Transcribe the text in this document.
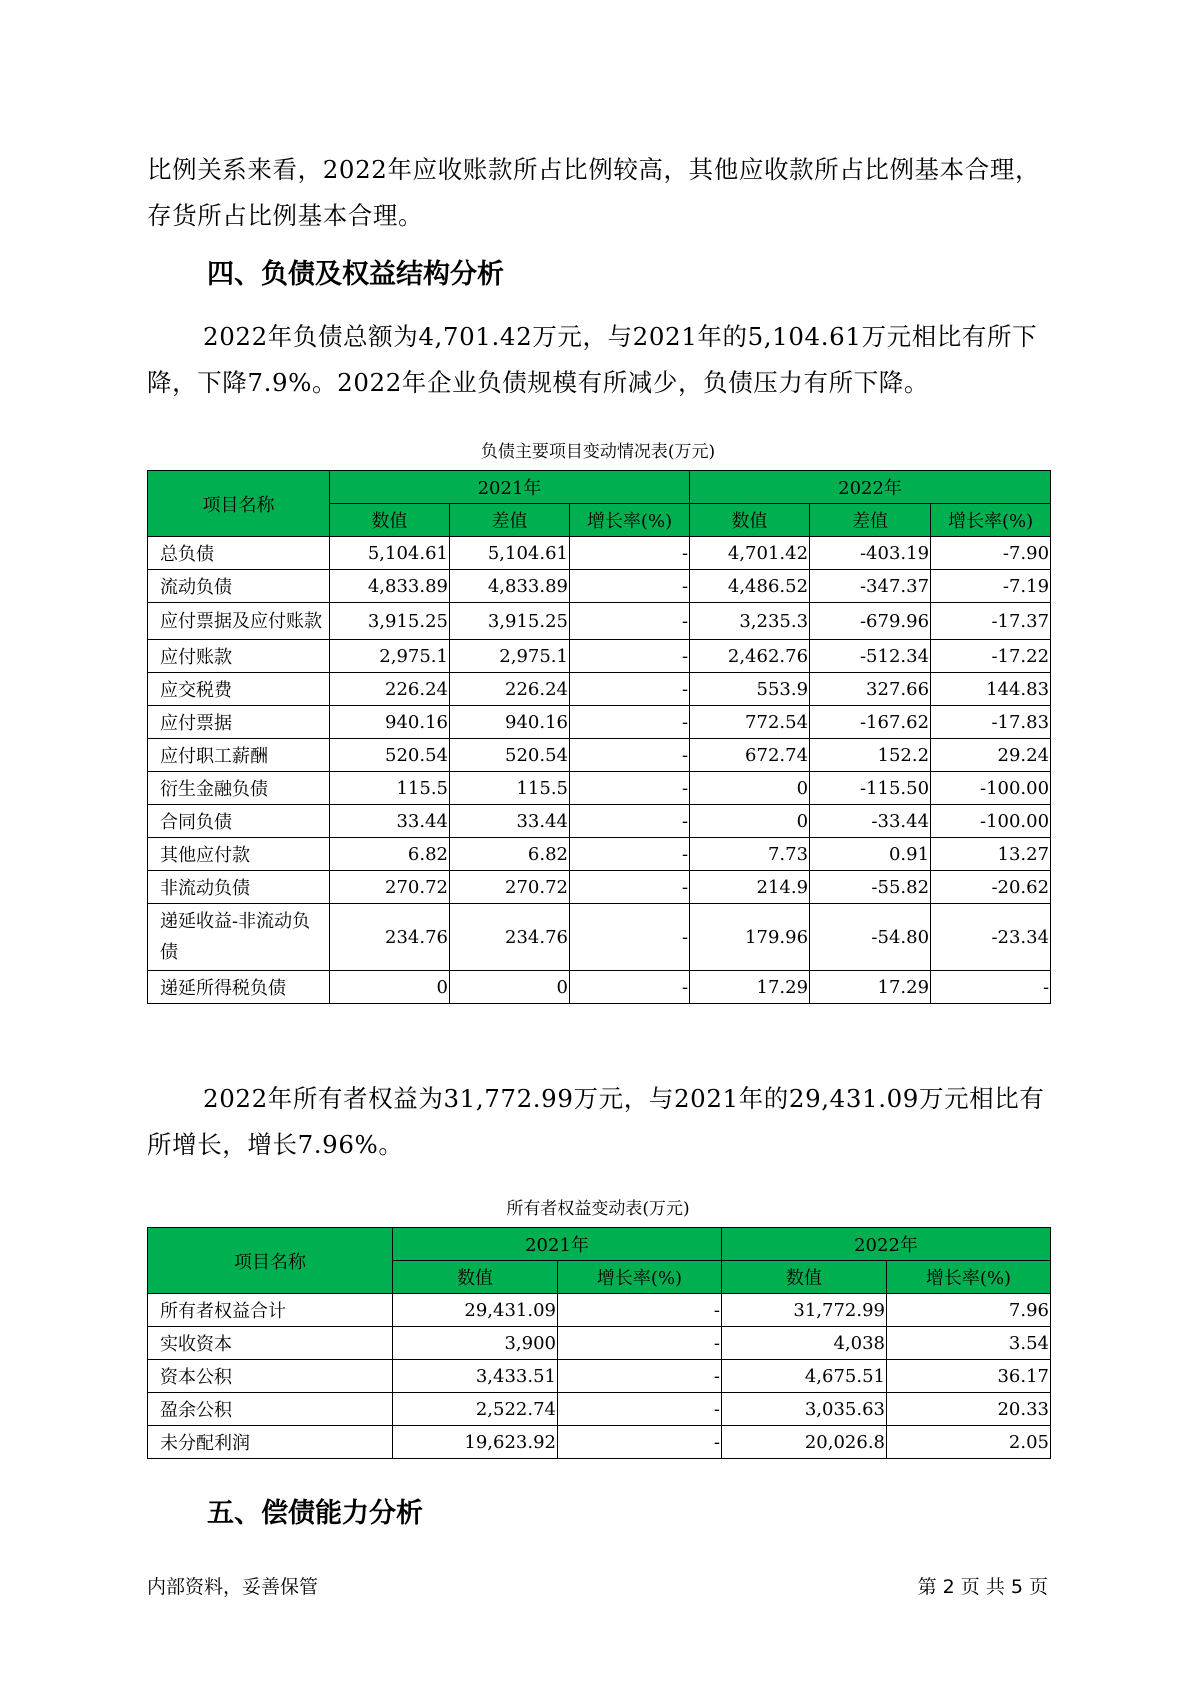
比例关系来看，2022年应收账款所占比例较高，其他应收款所占比例基本合理，存货所占比例基本合理。

四、负债及权益结构分析

2022年负债总额为4,701.42万元，与2021年的5,104.61万元相比有所下降，下降7.9%。2022年企业负债规模有所减少，负债压力有所下降。

负债主要项目变动情况表(万元)
项目名称	2021年			2022年		
	数值	差值	增长率(%)	数值	差值	增长率(%)
总负债	5,104.61	5,104.61	-	4,701.42	-403.19	-7.90
流动负债	4,833.89	4,833.89	-	4,486.52	-347.37	-7.19
应付票据及应付账款	3,915.25	3,915.25	-	3,235.3	-679.96	-17.37
应付账款	2,975.1	2,975.1	-	2,462.76	-512.34	-17.22
应交税费	226.24	226.24	-	553.9	327.66	144.83
应付票据	940.16	940.16	-	772.54	-167.62	-17.83
应付职工薪酬	520.54	520.54	-	672.74	152.2	29.24
衍生金融负债	115.5	115.5	-	0	-115.50	-100.00
合同负债	33.44	33.44	-	0	-33.44	-100.00
其他应付款	6.82	6.82	-	7.73	0.91	13.27
非流动负债	270.72	270.72	-	214.9	-55.82	-20.62
递延收益-非流动负债	234.76	234.76	-	179.96	-54.80	-23.34
递延所得税负债	0	0	-	17.29	17.29	-

2022年所有者权益为31,772.99万元，与2021年的29,431.09万元相比有所增长，增长7.96%。

所有者权益变动表(万元)
项目名称	2021年		2022年	
	数值	增长率(%)	数值	增长率(%)
所有者权益合计	29,431.09	-	31,772.99	7.96
实收资本	3,900	-	4,038	3.54
资本公积	3,433.51	-	4,675.51	36.17
盈余公积	2,522.74	-	3,035.63	20.33
未分配利润	19,623.92	-	20,026.8	2.05
五、偿债能力分析
内部资料，妥善保管	第 2 页 共 5 页
